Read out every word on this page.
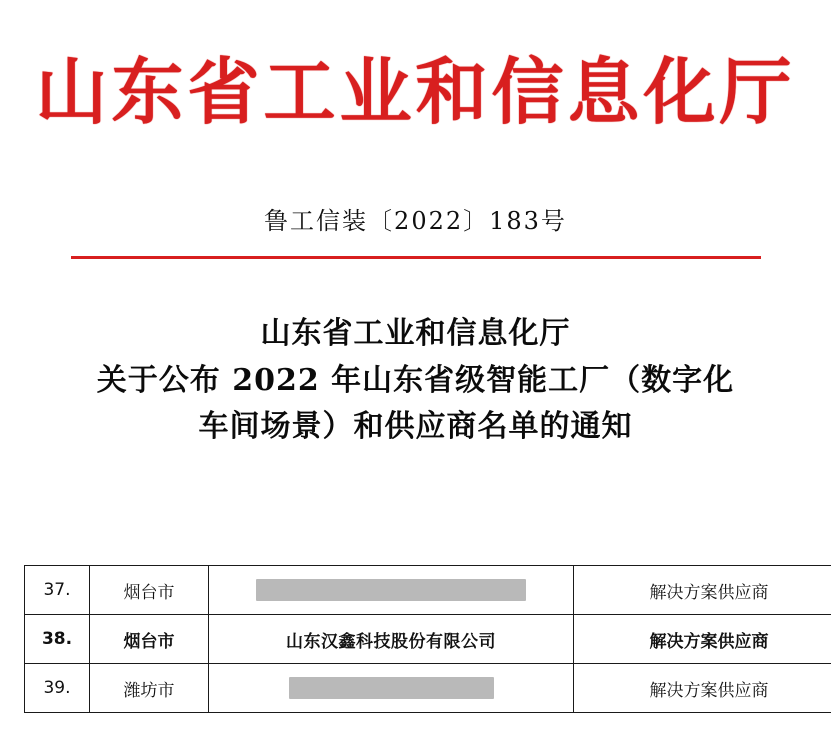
山东省工业和信息化厅
鲁工信装〔2022〕183号
山东省工业和信息化厅
关于公布 2022 年山东省级智能工厂（数字化
车间场景）和供应商名单的通知
37.	烟台市		解决方案供应商
38.	烟台市	山东汉鑫科技股份有限公司	解决方案供应商
39.	潍坊市		解决方案供应商
